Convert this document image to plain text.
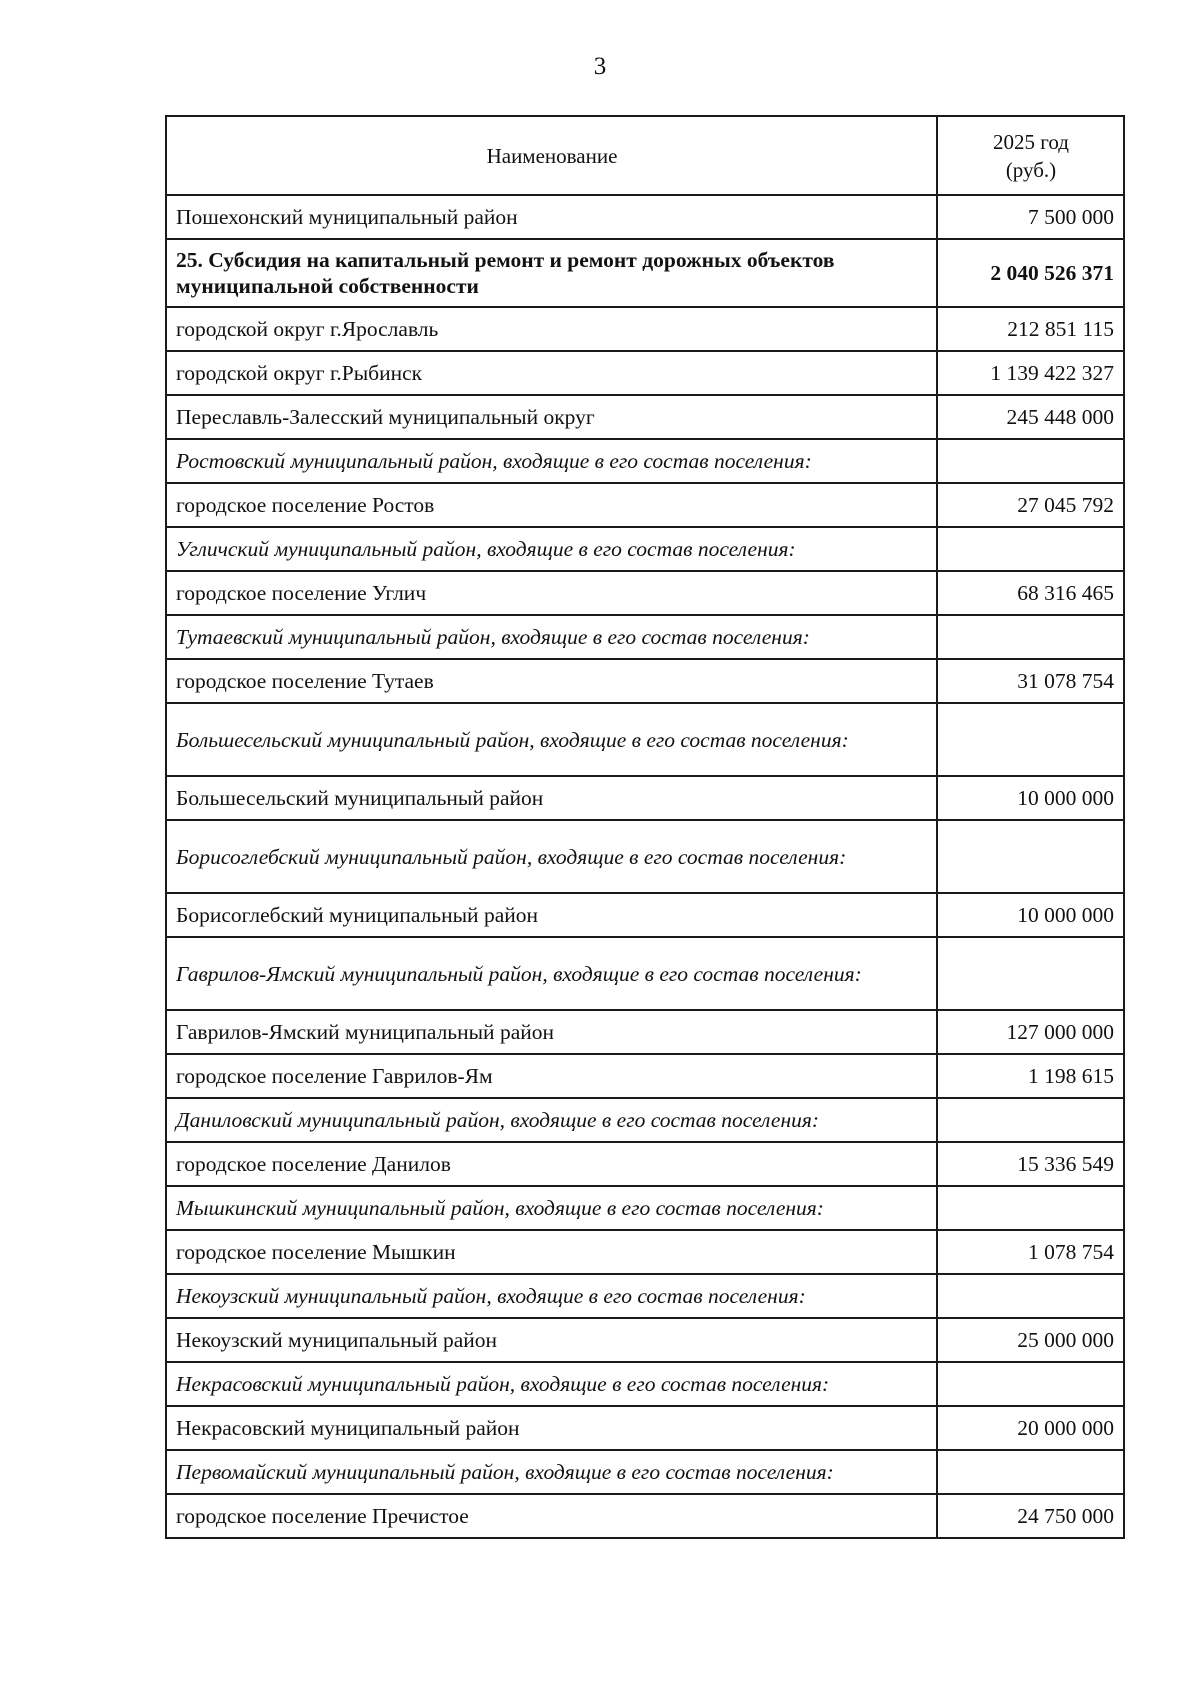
3
Наименование	2025 год
(руб.)
Пошехонский муниципальный район	7 500 000
25. Субсидия на капитальный ремонт и ремонт дорожных объектов муниципальной собственности	2 040 526 371
городской округ г.Ярославль	212 851 115
городской округ г.Рыбинск	1 139 422 327
Переславль-Залесский муниципальный округ	245 448 000
Ростовский муниципальный район, входящие в его состав поселения:	
городское поселение Ростов	27 045 792
Угличский муниципальный район, входящие в его состав поселения:	
городское поселение Углич	68 316 465
Тутаевский муниципальный район, входящие в его состав поселения:	
городское поселение Тутаев	31 078 754
Большесельский муниципальный район, входящие в его состав поселения:	
Большесельский муниципальный район	10 000 000
Борисоглебский муниципальный район, входящие в его состав поселения:	
Борисоглебский муниципальный район	10 000 000
Гаврилов-Ямский муниципальный район, входящие в его состав поселения:	
Гаврилов-Ямский муниципальный район	127 000 000
городское поселение Гаврилов-Ям	1 198 615
Даниловский муниципальный район, входящие в его состав поселения:	
городское поселение Данилов	15 336 549
Мышкинский муниципальный район, входящие в его состав поселения:	
городское поселение Мышкин	1 078 754
Некоузский муниципальный район, входящие в его состав поселения:	
Некоузский муниципальный район	25 000 000
Некрасовский муниципальный район, входящие в его состав поселения:	
Некрасовский муниципальный район	20 000 000
Первомайский муниципальный район, входящие в его состав поселения:	
городское поселение Пречистое	24 750 000
